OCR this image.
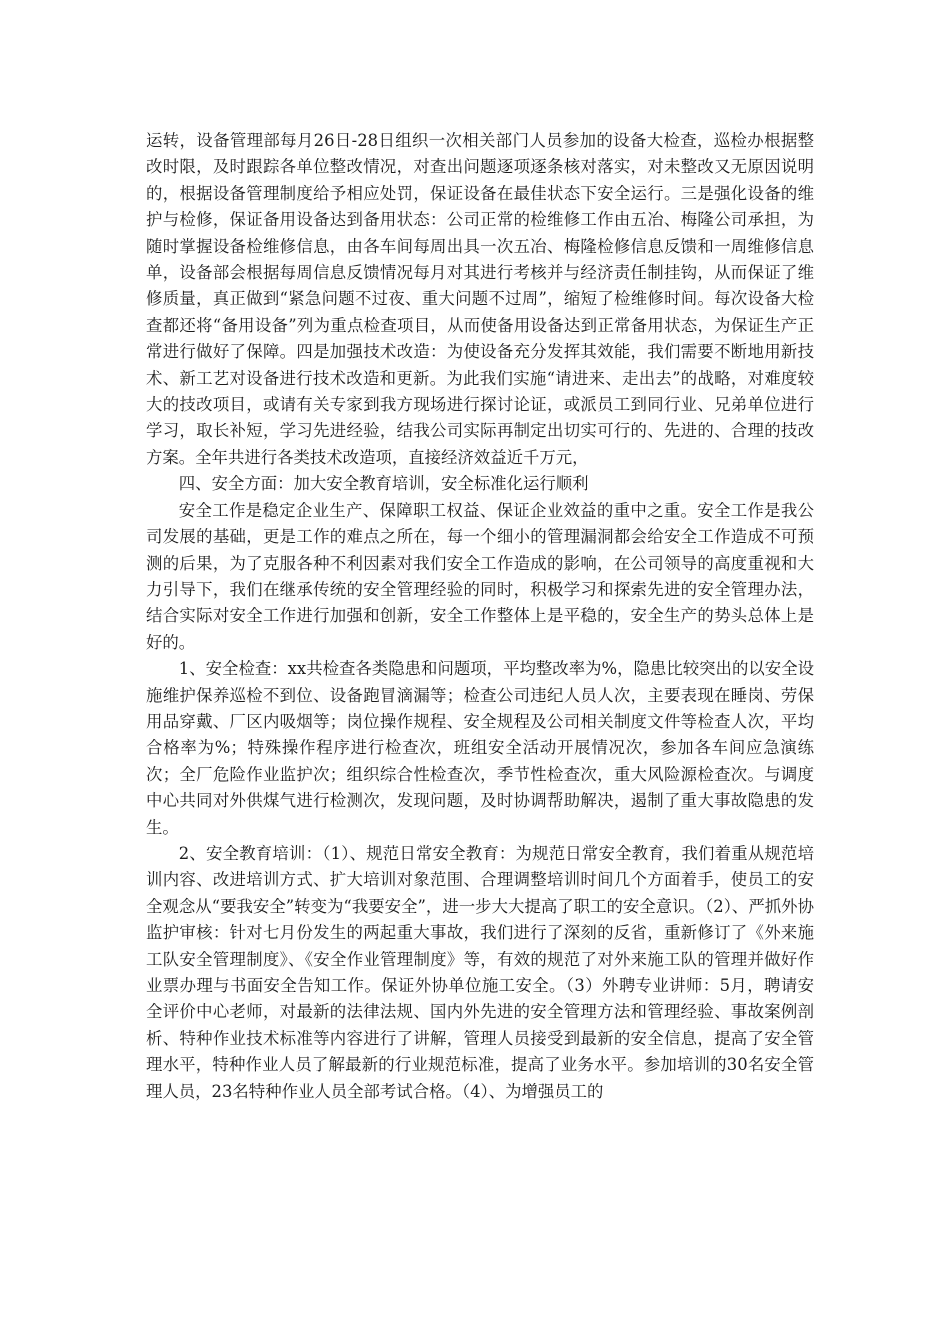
运转，设备管理部每月26日-28日组织一次相关部门人员参加的设备大检查，巡检办根据整改时限，及时跟踪各单位整改情况，对查出问题逐项逐条核对落实，对未整改又无原因说明的，根据设备管理制度给予相应处罚，保证设备在最佳状态下安全运行。三是强化设备的维护与检修，保证备用设备达到备用状态：公司正常的检维修工作由五冶、梅隆公司承担，为随时掌握设备检维修信息，由各车间每周出具一次五冶、梅隆检修信息反馈和一周维修信息单，设备部会根据每周信息反馈情况每月对其进行考核并与经济责任制挂钩，从而保证了维修质量，真正做到“紧急问题不过夜、重大问题不过周”，缩短了检维修时间。每次设备大检查都还将“备用设备”列为重点检查项目，从而使备用设备达到正常备用状态，为保证生产正常进行做好了保障。四是加强技术改造：为使设备充分发挥其效能，我们需要不断地用新技术、新工艺对设备进行技术改造和更新。为此我们实施“请进来、走出去”的战略，对难度较大的技改项目，或请有关专家到我方现场进行探讨论证，或派员工到同行业、兄弟单位进行学习，取长补短，学习先进经验，结我公司实际再制定出切实可行的、先进的、合理的技改方案。全年共进行各类技术改造项，直接经济效益近千万元，

四、安全方面：加大安全教育培训，安全标准化运行顺利

安全工作是稳定企业生产、保障职工权益、保证企业效益的重中之重。安全工作是我公司发展的基础，更是工作的难点之所在，每一个细小的管理漏洞都会给安全工作造成不可预测的后果，为了克服各种不利因素对我们安全工作造成的影响，在公司领导的高度重视和大力引导下，我们在继承传统的安全管理经验的同时，积极学习和探索先进的安全管理办法，结合实际对安全工作进行加强和创新，安全工作整体上是平稳的，安全生产的势头总体上是好的。

1、安全检查：xx共检查各类隐患和问题项，平均整改率为%，隐患比较突出的以安全设施维护保养巡检不到位、设备跑冒滴漏等；检查公司违纪人员人次，主要表现在睡岗、劳保用品穿戴、厂区内吸烟等；岗位操作规程、安全规程及公司相关制度文件等检查人次，平均合格率为%；特殊操作程序进行检查次，班组安全活动开展情况次，参加各车间应急演练次；全厂危险作业监护次；组织综合性检查次，季节性检查次，重大风险源检查次。与调度中心共同对外供煤气进行检测次，发现问题，及时协调帮助解决，遏制了重大事故隐患的发生。

2、安全教育培训：（1）、规范日常安全教育：为规范日常安全教育，我们着重从规范培训内容、改进培训方式、扩大培训对象范围、合理调整培训时间几个方面着手，使员工的安全观念从“要我安全”转变为“我要安全”，进一步大大提高了职工的安全意识。（2）、严抓外协监护审核：针对七月份发生的两起重大事故，我们进行了深刻的反省，重新修订了《外来施工队安全管理制度》、《安全作业管理制度》等，有效的规范了对外来施工队的管理并做好作业票办理与书面安全告知工作。保证外协单位施工安全。（3）外聘专业讲师：5月，聘请安全评价中心老师，对最新的法律法规、国内外先进的安全管理方法和管理经验、事故案例剖析、特种作业技术标准等内容进行了讲解，管理人员接受到最新的安全信息，提高了安全管理水平，特种作业人员了解最新的行业规范标准，提高了业务水平。参加培训的30名安全管理人员，23名特种作业人员全部考试合格。（4）、为增强员工的
